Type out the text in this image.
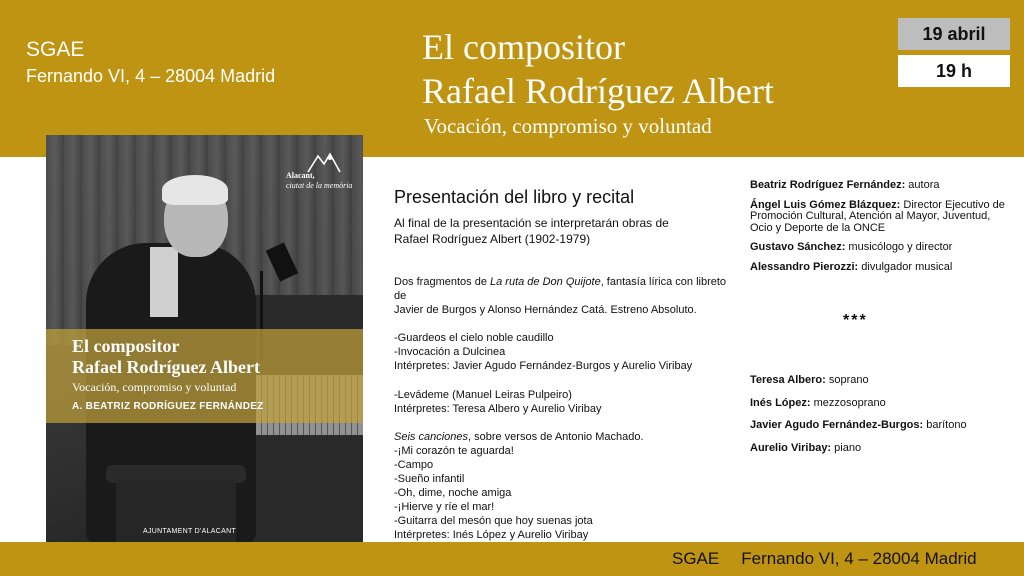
SGAE
Fernando VI, 4 – 28004 Madrid
El compositor
Rafael Rodríguez Albert
Vocación, compromiso y voluntad
19 abril
19 h
Alacant,
ciutat de la memòria
El compositor
Rafael Rodríguez Albert
Vocación, compromiso y voluntad
A. BEATRIZ RODRÍGUEZ FERNÁNDEZ
AJUNTAMENT D'ALACANT
Presentación del libro y recital
Al final de la presentación se interpretarán obras de
Rafael Rodríguez Albert (1902-1979)

Dos fragmentos de La ruta de Don Quijote, fantasía lírica con libreto de

Javier de Burgos y Alonso Hernández Catá. Estreno Absoluto.

-Guardeos el cielo noble caudillo

-Invocación a Dulcinea

Intérpretes: Javier Agudo Fernández-Burgos y Aurelio Viribay

-Levádeme (Manuel Leiras Pulpeiro)

Intérpretes: Teresa Albero y Aurelio Viribay

Seis canciones, sobre versos de Antonio Machado.

-¡Mi corazón te aguarda!

-Campo

-Sueño infantil

-Oh, dime, noche amiga

-¡Hierve y ríe el mar!

-Guitarra del mesón que hoy suenas jota

Intérpretes: Inés López y Aurelio Viribay

Beatriz Rodríguez Fernández: autora

Ángel Luis Gómez Blázquez: Director Ejecutivo de Promoción Cultural, Atención al Mayor, Juventud, Ocio y Deporte de la ONCE

Gustavo Sánchez: musicólogo y director

Alessandro Pierozzi: divulgador musical

***

Teresa Albero: soprano

Inés López: mezzosoprano

Javier Agudo Fernández-Burgos: barítono

Aurelio Viribay: piano

SGAE Fernando VI, 4 – 28004 Madrid
